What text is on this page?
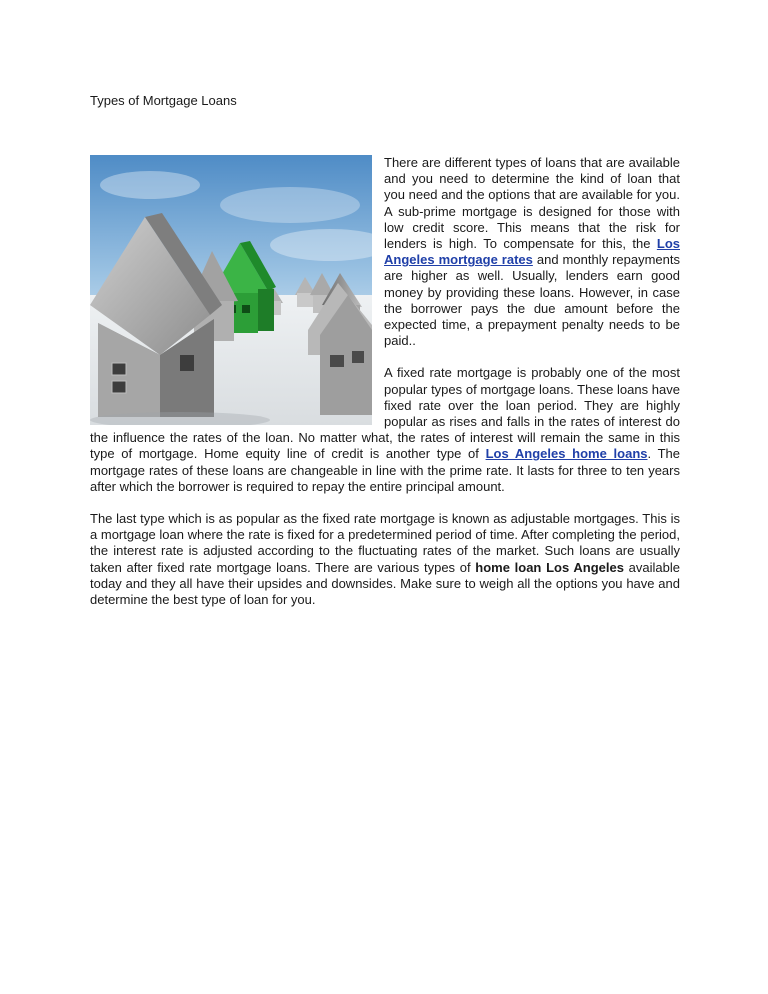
Types of Mortgage Loans

There are different types of loans that are available and you need to determine the kind of loan that you need and the options that are available for you. A sub-prime mortgage is designed for those with low credit score. This means that the risk for lenders is high. To compensate for this, the Los Angeles mortgage rates and monthly repayments are higher as well. Usually, lenders earn good money by providing these loans. However, in case the borrower pays the due amount before the expected time, a prepayment penalty needs to be paid..

A fixed rate mortgage is probably one of the most popular types of mortgage loans. These loans have fixed rate over the loan period. They are highly popular as rises and falls in the rates of interest do the influence the rates of the loan. No matter what, the rates of interest will remain the same in this type of mortgage. Home equity line of credit is another type of Los Angeles home loans. The mortgage rates of these loans are changeable in line with the prime rate. It lasts for three to ten years after which the borrower is required to repay the entire principal amount.

The last type which is as popular as the fixed rate mortgage is known as adjustable mortgages. This is a mortgage loan where the rate is fixed for a predetermined period of time. After completing the period, the interest rate is adjusted according to the fluctuating rates of the market. Such loans are usually taken after fixed rate mortgage loans. There are various types of home loan Los Angeles available today and they all have their upsides and downsides. Make sure to weigh all the options you have and determine the best type of loan for you.
